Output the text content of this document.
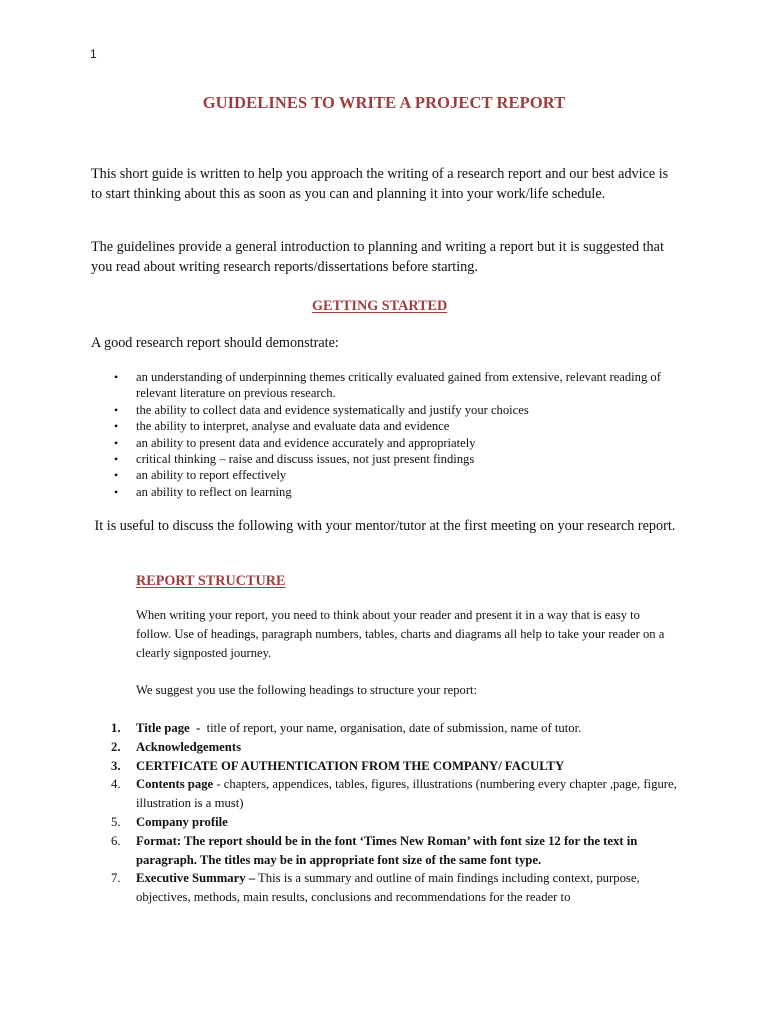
1
GUIDELINES TO WRITE A PROJECT REPORT

This short guide is written to help you approach the writing of a research report and our best advice is to start thinking about this as soon as you can and planning it into your work/life schedule.

The guidelines provide a general introduction to planning and writing a report but it is suggested that you read about writing research reports/dissertations before starting.

GETTING STARTED

A good research report should demonstrate:

• an understanding of underpinning themes critically evaluated gained from extensive, relevant reading of relevant literature on previous research.
• the ability to collect data and evidence systematically and justify your choices
• the ability to interpret, analyse and evaluate data and evidence
• an ability to present data and evidence accurately and appropriately
• critical thinking – raise and discuss issues, not just present findings
• an ability to report effectively
• an ability to reflect on learning

It is useful to discuss the following with your mentor/tutor at the first meeting on your research report.

REPORT STRUCTURE

When writing your report, you need to think about your reader and present it in a way that is easy to follow. Use of headings, paragraph numbers, tables, charts and diagrams all help to take your reader on a clearly signposted journey.

We suggest you use the following headings to structure your report:

1. Title page  -  title of report, your name, organisation, date of submission, name of tutor.
2. Acknowledgements
3. CERTFICATE OF AUTHENTICATION FROM THE COMPANY/ FACULTY
4. Contents page - chapters, appendices, tables, figures, illustrations (numbering every chapter ,page, figure, illustration is a must)
5. Company profile
6. Format: The report should be in the font ‘Times New Roman’ with font size 12 for the text in paragraph. The titles may be in appropriate font size of the same font type.
7. Executive Summary – This is a summary and outline of main findings including context, purpose, objectives, methods, main results, conclusions and recommendations for the reader to
